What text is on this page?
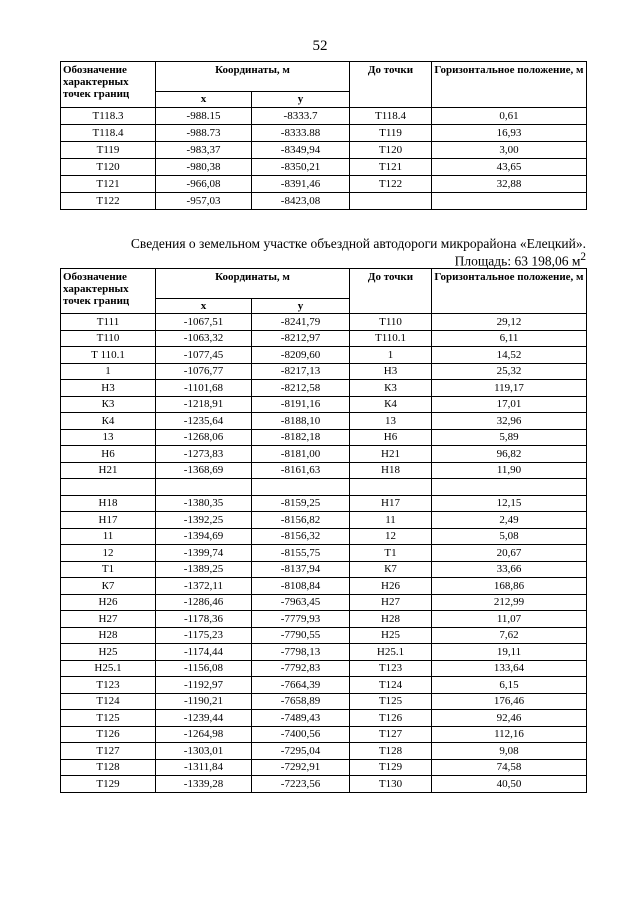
52
Обозначение характерных точек границ	Координаты, м		До точки	Горизонтальное положение, м
	x	y		
Т118.3	-988.15	-8333.7	Т118.4	0,61
Т118.4	-988.73	-8333.88	Т119	16,93
Т119	-983,37	-8349,94	Т120	3,00
Т120	-980,38	-8350,21	Т121	43,65
Т121	-966,08	-8391,46	Т122	32,88
Т122	-957,03	-8423,08		
Сведения о земельном участке объездной автодороги микрорайона «Елецкий».
Площадь: 63 198,06 $м^2$
Обозначение характерных точек границ	Координаты, м		До точки	Горизонтальное положение, м
	x	y		
Т111	-1067,51	-8241,79	Т110	29,12
Т110	-1063,32	-8212,97	Т110.1	6,11
Т 110.1	-1077,45	-8209,60	1	14,52
1	-1076,77	-8217,13	Н3	25,32
Н3	-1101,68	-8212,58	К3	119,17
К3	-1218,91	-8191,16	К4	17,01
К4	-1235,64	-8188,10	13	32,96
13	-1268,06	-8182,18	Н6	5,89
Н6	-1273,83	-8181,00	Н21	96,82
Н21	-1368,69	-8161,63	Н18	11,90

Н18	-1380,35	-8159,25	Н17	12,15
Н17	-1392,25	-8156,82	11	2,49
11	-1394,69	-8156,32	12	5,08
12	-1399,74	-8155,75	Т1	20,67
Т1	-1389,25	-8137,94	К7	33,66
К7	-1372,11	-8108,84	Н26	168,86
Н26	-1286,46	-7963,45	Н27	212,99
Н27	-1178,36	-7779,93	Н28	11,07
Н28	-1175,23	-7790,55	Н25	7,62
Н25	-1174,44	-7798,13	Н25.1	19,11
Н25.1	-1156,08	-7792,83	Т123	133,64
Т123	-1192,97	-7664,39	Т124	6,15
Т124	-1190,21	-7658,89	Т125	176,46
Т125	-1239,44	-7489,43	Т126	92,46
Т126	-1264,98	-7400,56	Т127	112,16
Т127	-1303,01	-7295,04	Т128	9,08
Т128	-1311,84	-7292,91	Т129	74,58
Т129	-1339,28	-7223,56	Т130	40,50
